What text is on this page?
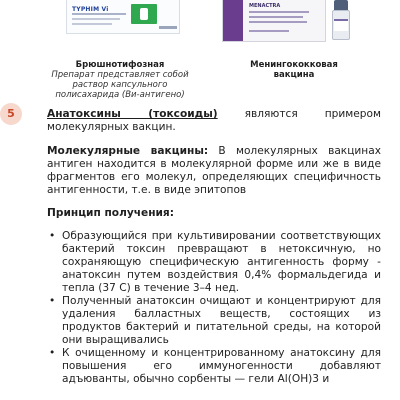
TYPHIM Vi	MENACTRA
Брюшнотифозная
Препарат представляет собой раствор капсульного полисахарида (Ви-антигено)
Менингококковая вакцина
5	Анатоксины (токсоиды) являются примером молекулярных вакцин.

Молекулярные вакцины: В молекулярных вакцинах антиген находится в молекулярной форме или же в виде фрагментов его молекул, определяющих специфичность антигенности, т.е. в виде эпитопов

Принцип получения:
• Образующийся при культивировании соответствующих бактерий токсин превращают в нетоксичную, но сохраняющую специфическую антигенность форму - анатоксин путем воздействия 0,4% формальдегида и тепла (37 С) в течение 3–4 нед.
• Полученный анатоксин очищают и концентрируют для удаления балластных веществ, состоящих из продуктов бактерий и питательной среды, на которой они выращивались
• К очищенному и концентрированному анатоксину для повышения его иммуногенности добавляют адъюванты, обычно сорбенты — гели Al(OH)3 и
